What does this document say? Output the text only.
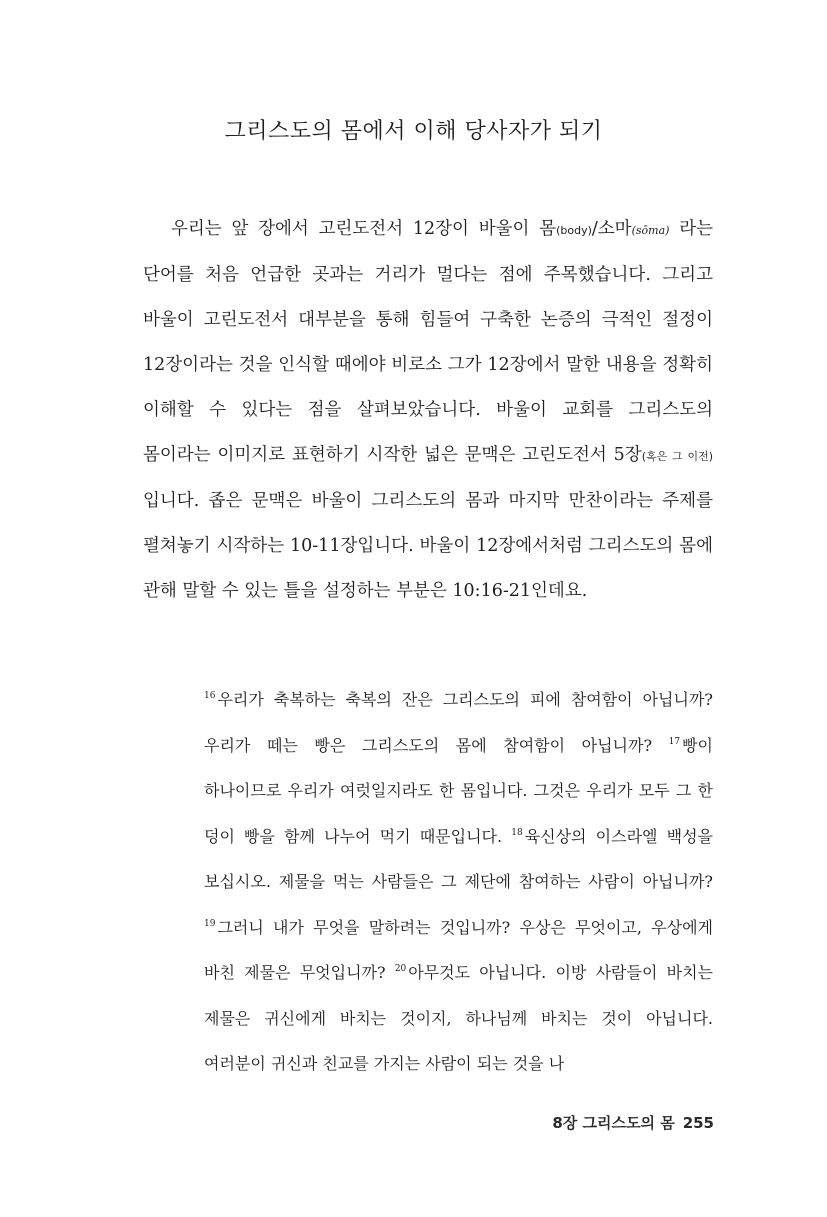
그리스도의 몸에서 이해 당사자가 되기

우리는 앞 장에서 고린도전서 12장이 바울이 몸(body)/소마(sōma) 라는 단어를 처음 언급한 곳과는 거리가 멀다는 점에 주목했습니다. 그리고 바울이 고린도전서 대부분을 통해 힘들여 구축한 논증의 극적인 절정이 12장이라는 것을 인식할 때에야 비로소 그가 12장에서 말한 내용을 정확히 이해할 수 있다는 점을 살펴보았습니다. 바울이 교회를 그리스도의 몸이라는 이미지로 표현하기 시작한 넓은 문맥은 고린도전서 5장(혹은 그 이전)입니다. 좁은 문맥은 바울이 그리스도의 몸과 마지막 만찬이라는 주제를 펼쳐놓기 시작하는 10-11장입니다. 바울이 12장에서처럼 그리스도의 몸에 관해 말할 수 있는 틀을 설정하는 부분은 10:16-21인데요.

$^{16}$ 우리가 축복하는 축복의 잔은 그리스도의 피에 참여함이 아닙니까? 우리가 떼는 빵은 그리스도의 몸에 참여함이 아닙니까? $^{17}$ 빵이 하나이므로 우리가 여럿일지라도 한 몸입니다. 그것은 우리가 모두 그 한 덩이 빵을 함께 나누어 먹기 때문입니다. $^{18}$ 육신상의 이스라엘 백성을 보십시오. 제물을 먹는 사람들은 그 제단에 참여하는 사람이 아닙니까? $^{19}$ 그러니 내가 무엇을 말하려는 것입니까? 우상은 무엇이고, 우상에게 바친 제물은 무엇입니까? $^{20}$ 아무것도 아닙니다. 이방 사람들이 바치는 제물은 귀신에게 바치는 것이지, 하나님께 바치는 것이 아닙니다. 여러분이 귀신과 친교를 가지는 사람이 되는 것을 나

8장 그리스도의 몸 255
